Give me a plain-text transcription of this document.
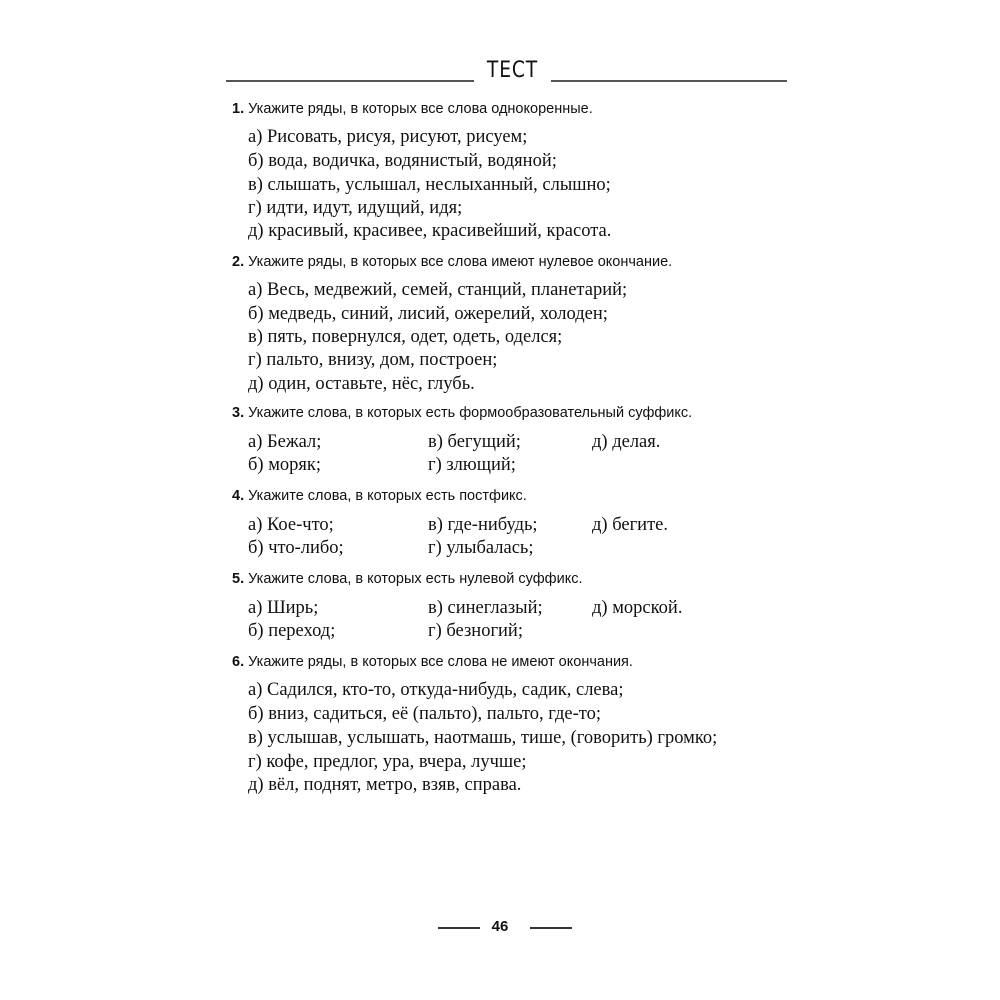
ТЕСТ
1. Укажите ряды, в которых все слова однокоренные.
а) Рисовать, рисуя, рисуют, рисуем;
б) вода, водичка, водянистый, водяной;
в) слышать, услышал, неслыханный, слышно;
г) идти, идут, идущий, идя;
д) красивый, красивее, красивейший, красота.
2. Укажите ряды, в которых все слова имеют нулевое окончание.
а) Весь, медвежий, семей, станций, планетарий;
б) медведь, синий, лисий, ожерелий, холоден;
в) пять, повернулся, одет, одеть, оделся;
г) пальто, внизу, дом, построен;
д) один, оставьте, нёс, глубь.
3. Укажите слова, в которых есть формообразовательный суффикс.
а) Бежал;	в) бегущий;	д) делая.
б) моряк;	г) злющий;
4. Укажите слова, в которых есть постфикс.
а) Кое-что;	в) где-нибудь;	д) бегите.
б) что-либо;	г) улыбалась;
5. Укажите слова, в которых есть нулевой суффикс.
а) Ширь;	в) синеглазый;	д) морской.
б) переход;	г) безногий;
6. Укажите ряды, в которых все слова не имеют окончания.
а) Садился, кто-то, откуда-нибудь, садик, слева;
б) вниз, садиться, её (пальто), пальто, где-то;
в) услышав, услышать, наотмашь, тише, (говорить) громко;
г) кофе, предлог, ура, вчера, лучше;
д) вёл, поднят, метро, взяв, справа.
46
